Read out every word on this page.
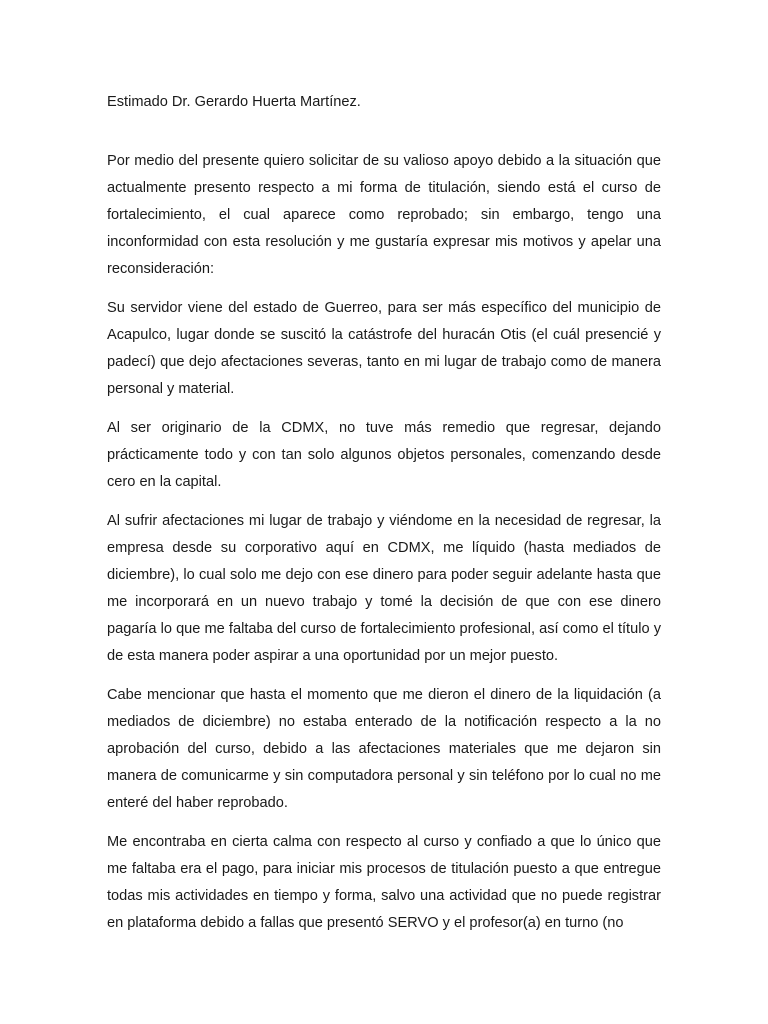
Estimado Dr. Gerardo Huerta Martínez.

Por medio del presente quiero solicitar de su valioso apoyo debido a la situación que actualmente presento respecto a mi forma de titulación, siendo está el curso de fortalecimiento, el cual aparece como reprobado; sin embargo, tengo una inconformidad con esta resolución y me gustaría expresar mis motivos y apelar una reconsideración:

Su servidor viene del estado de Guerreo, para ser más específico del municipio de Acapulco, lugar donde se suscitó la catástrofe del huracán Otis (el cuál presencié y padecí) que dejo afectaciones severas, tanto en mi lugar de trabajo como de manera personal y material.

Al ser originario de la CDMX, no tuve más remedio que regresar, dejando prácticamente todo y con tan solo algunos objetos personales, comenzando desde cero en la capital.

Al sufrir afectaciones mi lugar de trabajo y viéndome en la necesidad de regresar, la empresa desde su corporativo aquí en CDMX, me líquido (hasta mediados de diciembre), lo cual solo me dejo con ese dinero para poder seguir adelante hasta que me incorporará en un nuevo trabajo y tomé la decisión de que con ese dinero pagaría lo que me faltaba del curso de fortalecimiento profesional, así como el título y de esta manera poder aspirar a una oportunidad por un mejor puesto.

Cabe mencionar que hasta el momento que me dieron el dinero de la liquidación (a mediados de diciembre) no estaba enterado de la notificación respecto a la no aprobación del curso, debido a las afectaciones materiales que me dejaron sin manera de comunicarme y sin computadora personal y sin teléfono por lo cual no me enteré del haber reprobado.

Me encontraba en cierta calma con respecto al curso y confiado a que lo único que me faltaba era el pago, para iniciar mis procesos de titulación puesto a que entregue todas mis actividades en tiempo y forma, salvo una actividad que no puede registrar en plataforma debido a fallas que presentó SERVO y el profesor(a) en turno (no
